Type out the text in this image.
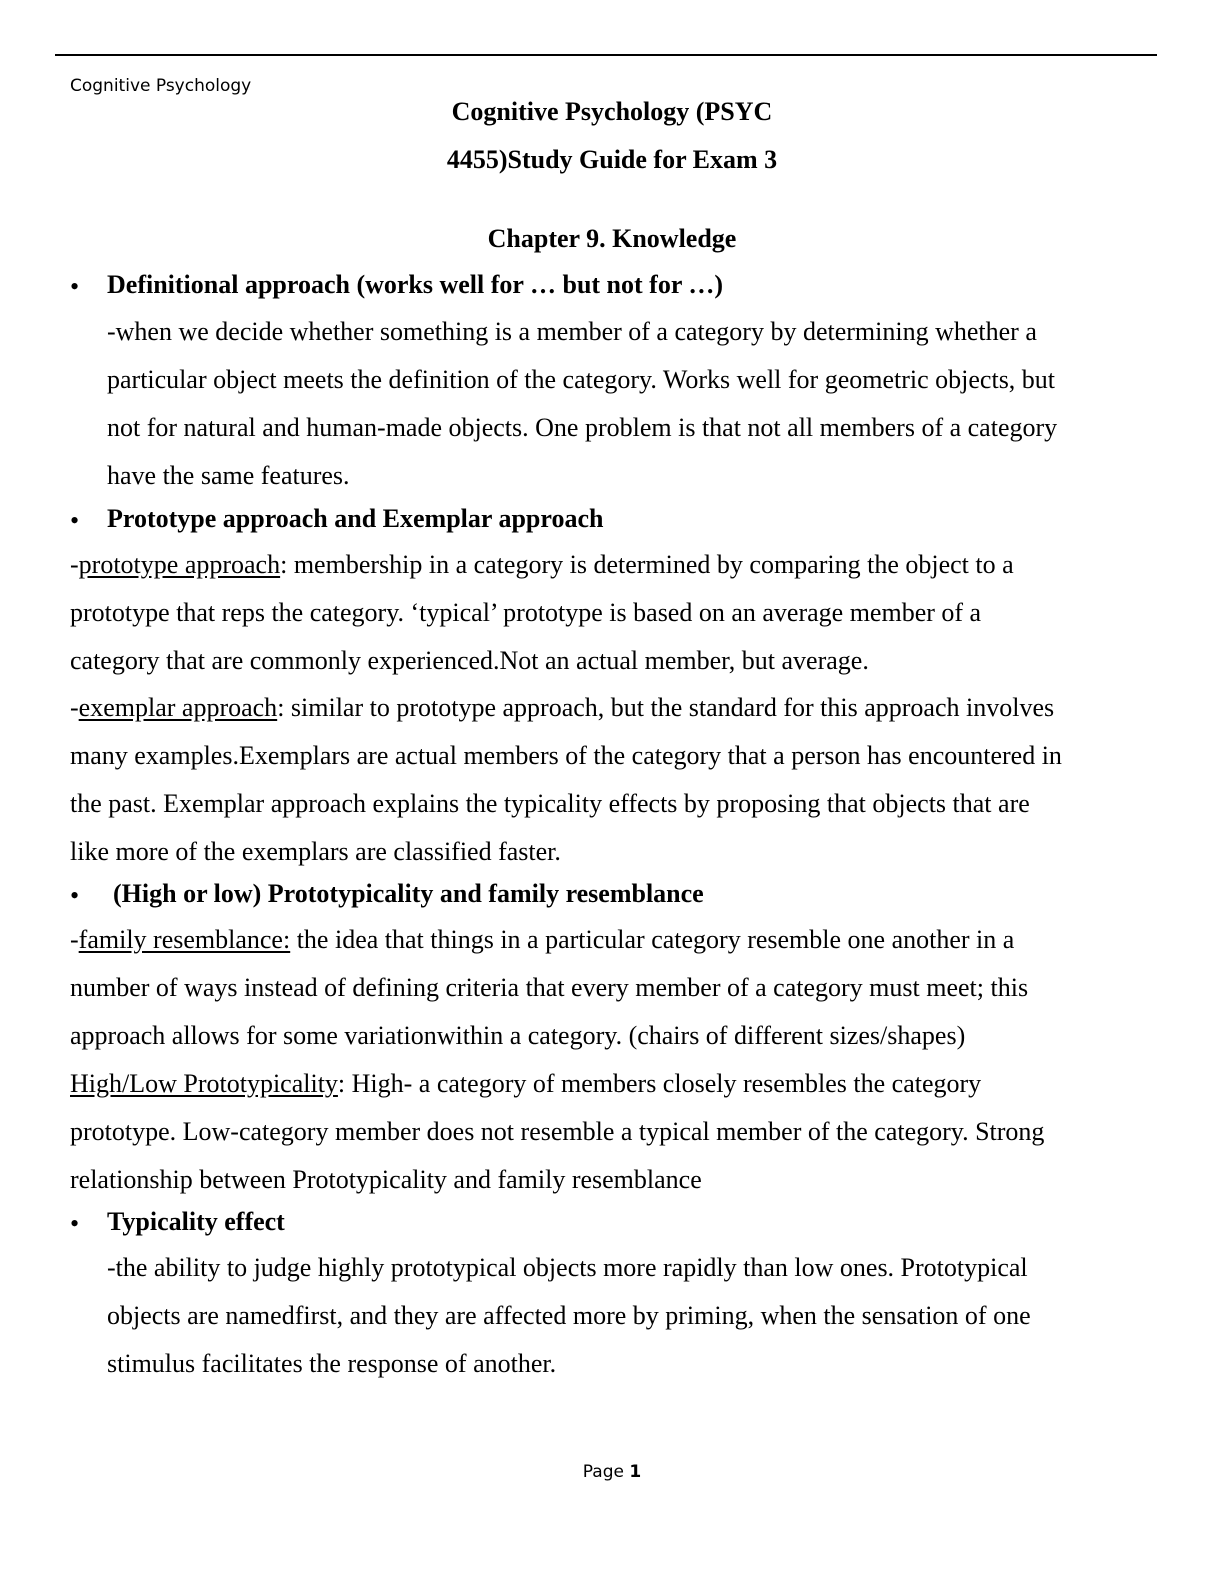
Cognitive Psychology
Cognitive Psychology (PSYC
4455)Study Guide for Exam 3
Chapter 9. Knowledge
• Definitional approach (works well for … but not for …)
-when we decide whether something is a member of a category by determining whether a
particular object meets the definition of the category. Works well for geometric objects, but
not for natural and human-made objects. One problem is that not all members of a category
have the same features.
• Prototype approach and Exemplar approach
-prototype approach: membership in a category is determined by comparing the object to a
prototype that reps the category. ‘typical’ prototype is based on an average member of a
category that are commonly experienced.Not an actual member, but average.
-exemplar approach: similar to prototype approach, but the standard for this approach involves
many examples.Exemplars are actual members of the category that a person has encountered in
the past. Exemplar approach explains the typicality effects by proposing that objects that are
like more of the exemplars are classified faster.
• (High or low) Prototypicality and family resemblance
-family resemblance: the idea that things in a particular category resemble one another in a
number of ways instead of defining criteria that every member of a category must meet; this
approach allows for some variationwithin a category. (chairs of different sizes/shapes)
High/Low Prototypicality: High- a category of members closely resembles the category
prototype. Low-category member does not resemble a typical member of the category. Strong
relationship between Prototypicality and family resemblance
• Typicality effect
-the ability to judge highly prototypical objects more rapidly than low ones. Prototypical
objects are namedfirst, and they are affected more by priming, when the sensation of one
stimulus facilitates the response of another.
Page 1
